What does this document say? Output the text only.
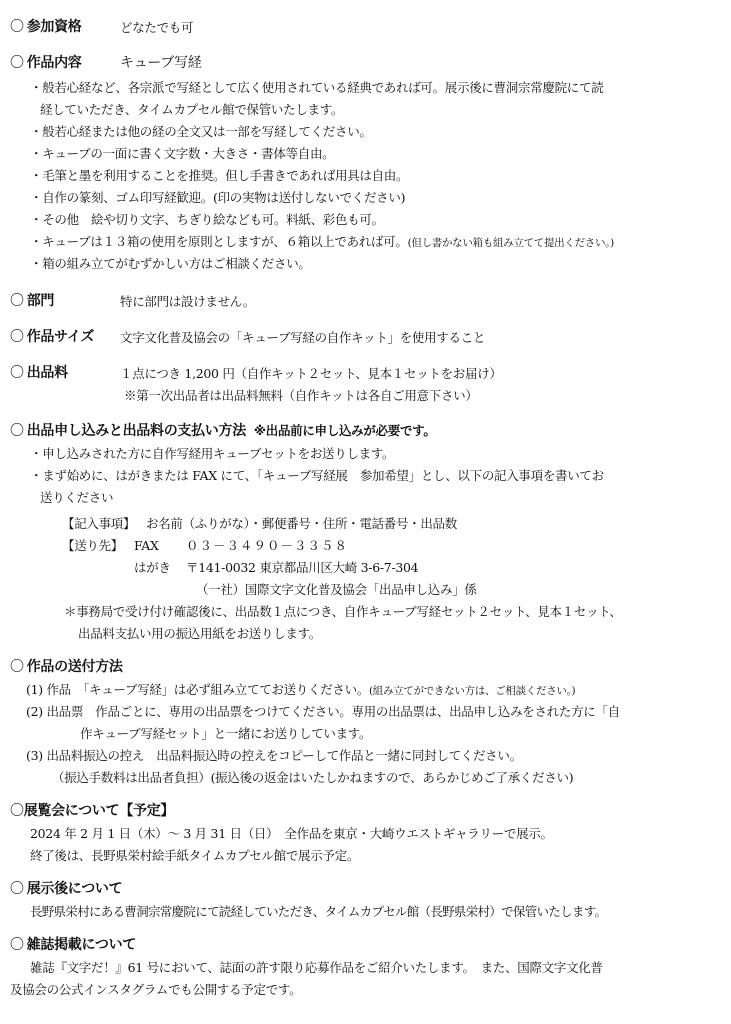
〇 参加資格	どなたでも可
〇 作品内容	キューブ写経
・般若心経など、各宗派で写経として広く使用されている経典であれば可。展示後に曹洞宗常慶院にて読
経していただき、タイムカプセル館で保管いたします。
・般若心経または他の経の全文又は一部を写経してください。
・キューブの一面に書く文字数・大きさ・書体等自由。
・毛筆と墨を利用することを推奨。但し手書きであれば用具は自由。
・自作の篆刻、ゴム印写経歓迎。(印の実物は送付しないでください)
・その他　絵や切り文字、ちぎり絵なども可。料紙、彩色も可。
・キューブは１３箱の使用を原則としますが、６箱以上であれば可。(但し書かない箱も組み立てて提出ください。)
・箱の組み立てがむずかしい方はご相談ください。
〇 部門	特に部門は設けません。
〇 作品サイズ 文字文化普及協会の「キューブ写経の自作キット」を使用すること
〇 出品料	１点につき 1,200 円（自作キット２セット、見本１セットをお届け）
※第一次出品者は出品料無料（自作キットは各自ご用意下さい）
〇 出品申し込みと出品料の支払い方法 ※出品前に申し込みが必要です。
・申し込みされた方に自作写経用キューブセットをお送りします。
・まず始めに、はがきまたは FAX にて、「キューブ写経展　参加希望」とし、以下の記入事項を書いてお
送りください
【記入事項】 お名前（ふりがな）・郵便番号・住所・電話番号・出品数
【送り先】 FAX ０３－３４９０－３３５８
はがき 〒141-0032 東京都品川区大崎 3-6-7-304
（一社）国際文字文化普及協会「出品申し込み」係
＊事務局で受け付け確認後に、出品数１点につき、自作キューブ写経セット２セット、見本１セット、
出品料支払い用の振込用紙をお送りします。
〇 作品の送付方法
(1) 作品　「キューブ写経」は必ず組み立ててお送りください。(組み立てができない方は、ご相談ください。)
(2) 出品票　作品ごとに、専用の出品票をつけてください。専用の出品票は、出品申し込みをされた方に「自
作キューブ写経セット」と一緒にお送りしています。
(3) 出品料振込の控え　出品料振込時の控えをコピーして作品と一緒に同封してください。
（振込手数料は出品者負担）(振込後の返金はいたしかねますので、あらかじめご了承ください)
〇展覧会について【予定】
2024 年 2 月 1 日（木）～ 3 月 31 日（日）　全作品を東京・大崎ウエストギャラリーで展示。
終了後は、長野県栄村絵手紙タイムカプセル館で展示予定。
〇 展示後について
長野県栄村にある曹洞宗常慶院にて読経していただき、タイムカプセル館（長野県栄村）で保管いたします。
〇 雑誌掲載について
雑誌『文字だ！』61 号において、誌面の許す限り応募作品をご紹介いたします。　また、国際文字文化普
及協会の公式インスタグラムでも公開する予定です。
